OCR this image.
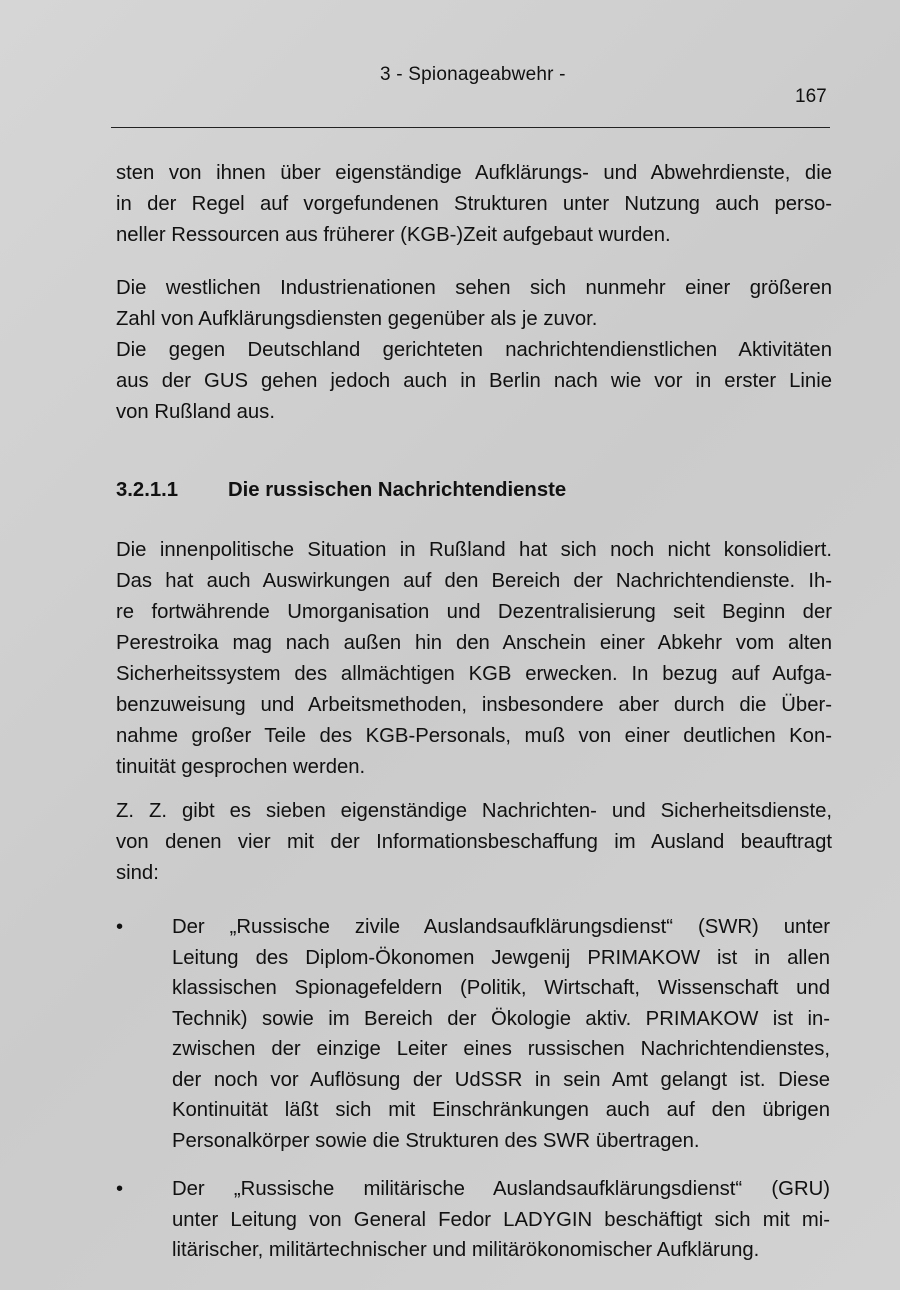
3 - Spionageabwehr -
167
sten von ihnen über eigenständige Aufklärungs- und Abwehrdienste, die
in der Regel auf vorgefundenen Strukturen unter Nutzung auch perso-
neller Ressourcen aus früherer (KGB-)Zeit aufgebaut wurden.
Die westlichen Industrienationen sehen sich nunmehr einer größeren
Zahl von Aufklärungsdiensten gegenüber als je zuvor.
Die gegen Deutschland gerichteten nachrichtendienstlichen Aktivitäten
aus der GUS gehen jedoch auch in Berlin nach wie vor in erster Linie
von Rußland aus.
3.2.1.1 Die russischen Nachrichtendienste
Die innenpolitische Situation in Rußland hat sich noch nicht konsolidiert.
Das hat auch Auswirkungen auf den Bereich der Nachrichtendienste. Ih-
re fortwährende Umorganisation und Dezentralisierung seit Beginn der
Perestroika mag nach außen hin den Anschein einer Abkehr vom alten
Sicherheitssystem des allmächtigen KGB erwecken. In bezug auf Aufga-
benzuweisung und Arbeitsmethoden, insbesondere aber durch die Über-
nahme großer Teile des KGB-Personals, muß von einer deutlichen Kon-
tinuität gesprochen werden.
Z. Z. gibt es sieben eigenständige Nachrichten- und Sicherheitsdienste,
von denen vier mit der Informationsbeschaffung im Ausland beauftragt
sind:
• Der „Russische zivile Auslandsaufklärungsdienst“ (SWR) unter
Leitung des Diplom-Ökonomen Jewgenij PRIMAKOW ist in allen
klassischen Spionagefeldern (Politik, Wirtschaft, Wissenschaft und
Technik) sowie im Bereich der Ökologie aktiv. PRIMAKOW ist in-
zwischen der einzige Leiter eines russischen Nachrichtendienstes,
der noch vor Auflösung der UdSSR in sein Amt gelangt ist. Diese
Kontinuität läßt sich mit Einschränkungen auch auf den übrigen
Personalkörper sowie die Strukturen des SWR übertragen.
• Der „Russische militärische Auslandsaufklärungsdienst“ (GRU)
unter Leitung von General Fedor LADYGIN beschäftigt sich mit mi-
litärischer, militärtechnischer und militärökonomischer Aufklärung.
